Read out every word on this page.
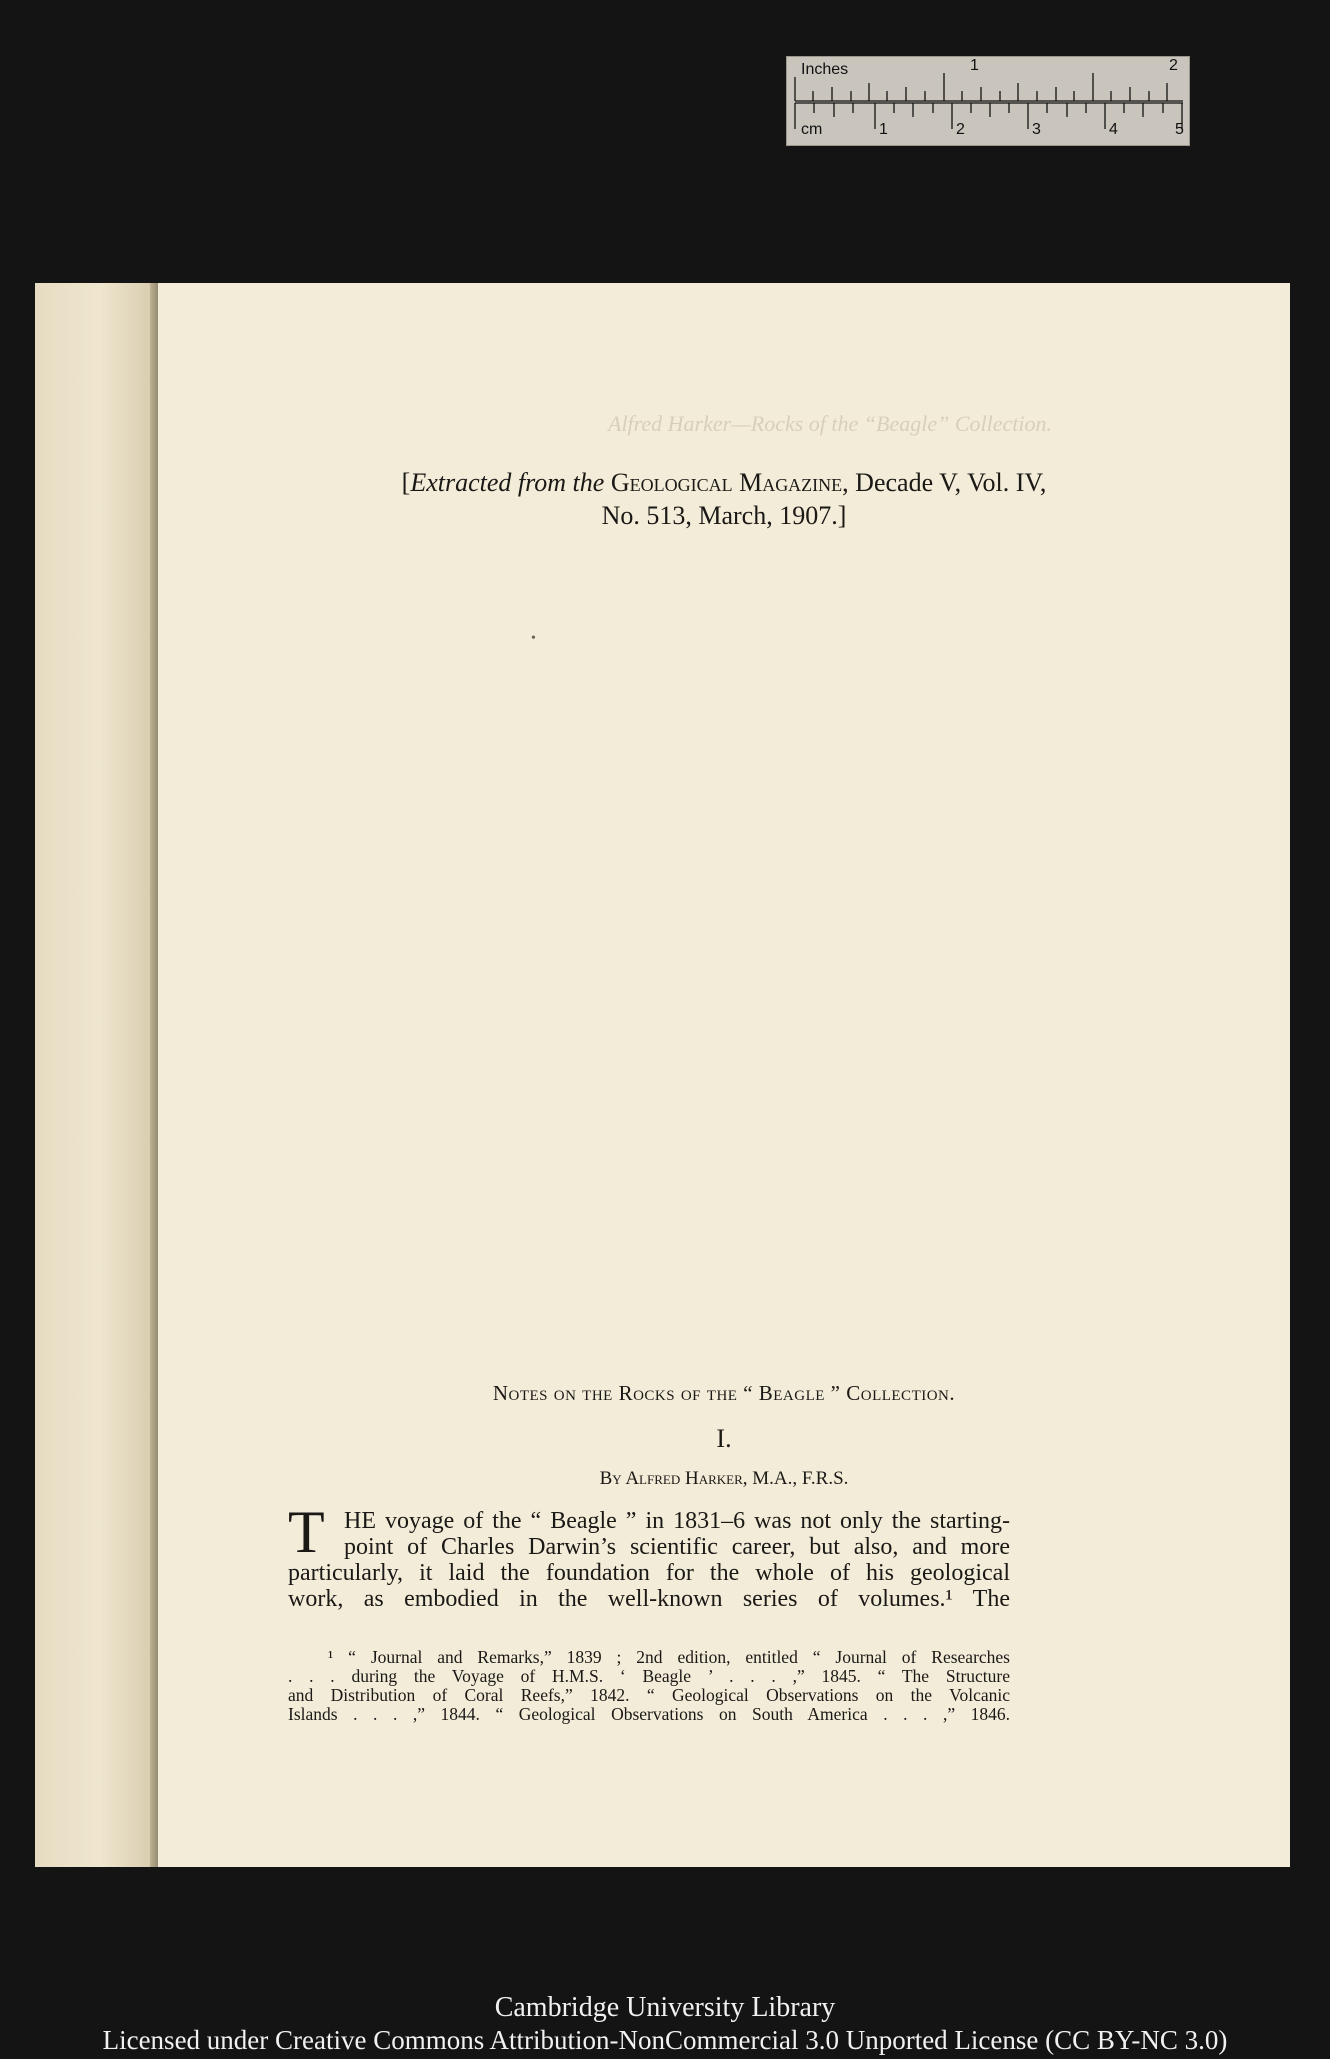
Inches	1	2
cm	1	2	3	4	5
Alfred Harker—Rocks of the “Beagle” Collection.
[Extracted from the Geological Magazine, Decade V, Vol. IV,
No. 513, March, 1907.]
•
Notes on the Rocks of the “ Beagle ” Collection.
I.
By Alfred Harker, M.A., F.R.S.
T HE voyage of the “ Beagle ” in 1831–6 was not only the starting-
point of Charles Darwin’s scientific career, but also, and more
particularly, it laid the foundation for the whole of his geological
work, as embodied in the well-known series of volumes.¹ The
¹ “ Journal and Remarks,” 1839 ; 2nd edition, entitled “ Journal of Researches
. . . during the Voyage of H.M.S. ‘ Beagle ’ . . . ,” 1845. “ The Structure
and Distribution of Coral Reefs,” 1842. “ Geological Observations on the Volcanic
Islands . . . ,” 1844. “ Geological Observations on South America . . . ,” 1846.
Cambridge University Library
Licensed under Creative Commons Attribution-NonCommercial 3.0 Unported License (CC BY-NC 3.0)
